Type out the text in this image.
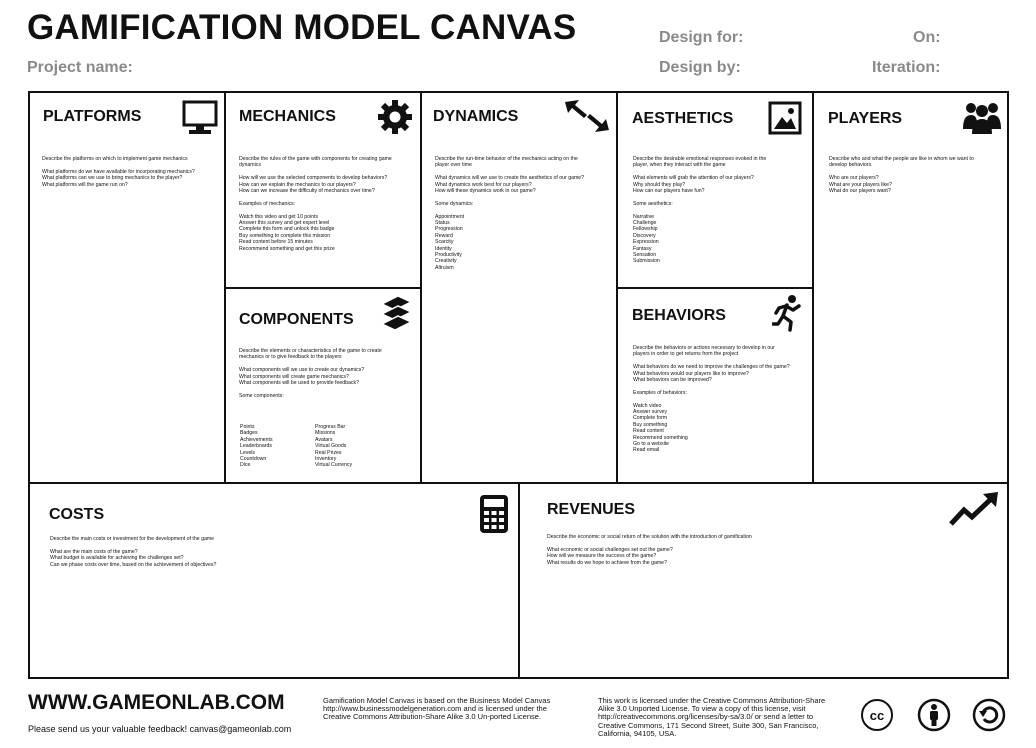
GAMIFICATION MODEL CANVAS
Project name:
Design for:	On:
Design by:	Iteration:
PLATFORMS
Describe the platforms on which to implement game mechanics
What platforms do we have available for incorporating mechanics?
What platforms can we use to bring mechanics to the player?
What platforms will the game run on?
MECHANICS
Describe the rules of the game with components for creating game
dynamics
How will we use the selected components to develop behaviors?
How can we explain the mechanics to our players?
How can we increase the difficulty of mechanics over time?
Examples of mechanics:
Watch this video and get 10 points
Answer this survey and get expert level
Complete this form and unlock this badge
Buy something to complete this mission
Read content before 15 minutes
Recommend something and get this prize
DYNAMICS
Describe the run-time behavior of the mechanics acting on the
player over time
What dynamics will we use to create the aesthetics of our game?
What dynamics work best for our players?
How will these dynamics work in our game?
Some dynamics:
Appointment
Status
Progression
Reward
Scarcity
Identity
Productivity
Creativity
Altruism
AESTHETICS
Describe the desirable emotional responses evoked in the
player, when they interact with the game
What elements will grab the attention of our players?
Why should they play?
How can our players have fun?
Some aesthetics:
Narrative
Challenge
Fellowship
Discovery
Expression
Fantasy
Sensation
Submission
PLAYERS
Describe who and what the people are like in whom we want to
develop behaviors.
Who are our players?
What are your players like?
What do our players want?
COMPONENTS
Describe the elements or characteristics of the game to create
mechanics or to give feedback to the players
What components will we use to create our dynamics?
What components will create game mechanics?
What components will be used to provide feedback?
Some components:
Points
Badges
Achievements
Leaderboards
Levels
Countdown
Dice
Progress Bar
Missions
Avatars
Virtual Goods
Real Prizes
Inventory
Virtual Currency
BEHAVIORS
Describe the behaviors or actions necessary to develop in our
players in order to get returns from the project
What behaviors do we need to improve the challenges of the game?
What behaviors would our players like to improve?
What behaviors can be improved?
Examples of behaviors:
Watch video
Answer survey
Complete form
Buy something
Read content
Recommend something
Go to a website
Read email
COSTS
Describe the main costs or investment for the development of the game
What are the main costs of the game?
What budget is available for achieving the challenges set?
Can we phase costs over time, based on the achievement of objectives?
REVENUES
Describe the economic or social return of the solution with the introduction of gamification
What economic or social challenges set out the game?
How will we measure the success of the game?
What results do we hope to achieve from the game?
WWW.GAMEONLAB.COM
Please send us your valuable feedback! canvas@gameonlab.com
Gamification Model Canvas is based on the Business Model Canvas
http://www.businessmodelgeneration.com and is licensed under the
Creative Commons Attribution-Share Alike 3.0 Un-ported License.
This work is licensed under the Creative Commons Attribution-Share
Alike 3.0 Unported License. To view a copy of this license, visit
http://creativecommons.org/licenses/by-sa/3.0/ or send a letter to
Creative Commons, 171 Second Street, Suite 300, San Francisco,
California, 94105, USA.
cc
